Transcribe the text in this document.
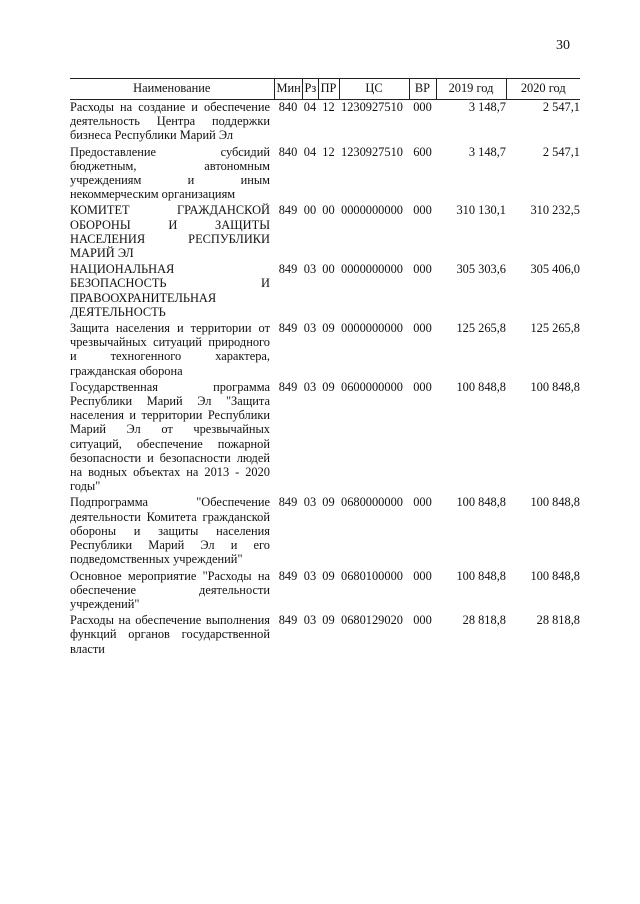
30
Наименование	Мин	Рз	ПР	ЦС	ВР	2019 год	2020 год
Расходы на создание и обеспечение деятельность Центра поддержки бизнеса Республики Марий Эл	840	04	12	1230927510	000	3 148,7	2 547,1
Предоставление субсидий бюджетным, автономным учреждениям и иным некоммерческим организациям	840	04	12	1230927510	600	3 148,7	2 547,1
КОМИТЕТ ГРАЖДАНСКОЙ ОБОРОНЫ И ЗАЩИТЫ НАСЕЛЕНИЯ РЕСПУБЛИКИ МАРИЙ ЭЛ	849	00	00	0000000000	000	310 130,1	310 232,5
НАЦИОНАЛЬНАЯ БЕЗОПАСНОСТЬ И ПРАВООХРАНИТЕЛЬНАЯ ДЕЯТЕЛЬНОСТЬ	849	03	00	0000000000	000	305 303,6	305 406,0
Защита населения и территории от чрезвычайных ситуаций природного и техногенного характера, гражданская оборона	849	03	09	0000000000	000	125 265,8	125 265,8
Государственная программа Республики Марий Эл "Защита населения и территории Республики Марий Эл от чрезвычайных ситуаций, обеспечение пожарной безопасности и безопасности людей на водных объектах на 2013 - 2020 годы"	849	03	09	0600000000	000	100 848,8	100 848,8
Подпрограмма "Обеспечение деятельности Комитета гражданской обороны и защиты населения Республики Марий Эл и его подведомственных учреждений"	849	03	09	0680000000	000	100 848,8	100 848,8
Основное мероприятие "Расходы на обеспечение деятельности учреждений"	849	03	09	0680100000	000	100 848,8	100 848,8
Расходы на обеспечение выполнения функций органов государственной власти	849	03	09	0680129020	000	28 818,8	28 818,8
